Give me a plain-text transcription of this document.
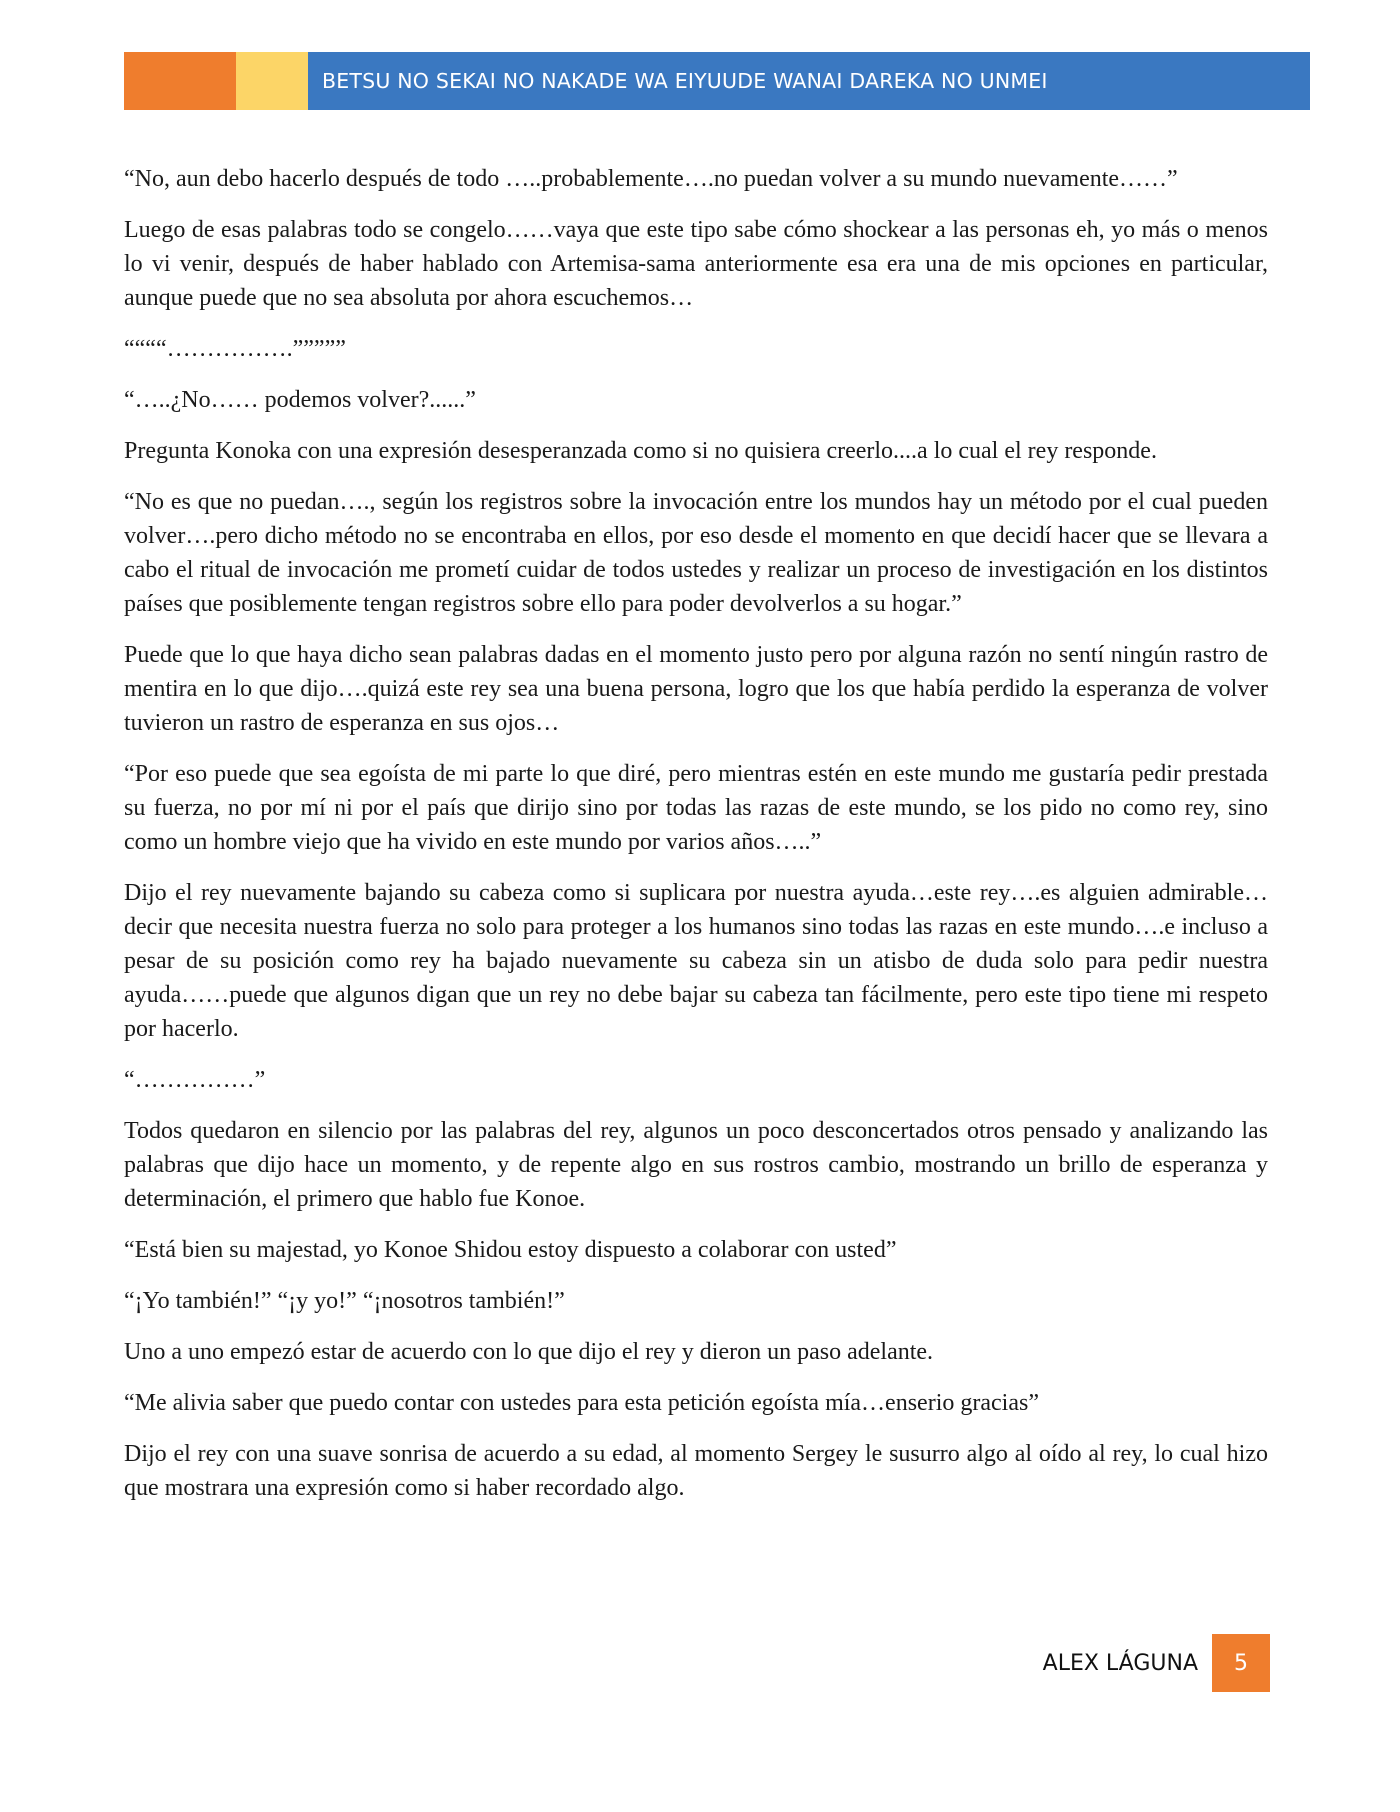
BETSU NO SEKAI NO NAKADE WA EIYUUDE WANAI DAREKA NO UNMEI

“No, aun debo hacerlo después de todo …..probablemente….no puedan volver a su mundo nuevamente……”

Luego de esas palabras todo se congelo……vaya que este tipo sabe cómo shockear a las personas eh, yo más o menos lo vi venir, después de haber hablado con Artemisa-sama anteriormente esa era una de mis opciones en particular, aunque puede que no sea absoluta por ahora escuchemos…

““““…………….”””””

“…..¿No…… podemos volver?......”

Pregunta Konoka con una expresión desesperanzada como si no quisiera creerlo....a lo cual el rey responde.

“No es que no puedan…., según los registros sobre la invocación entre los mundos hay un método por el cual pueden volver….pero dicho método no se encontraba en ellos, por eso desde el momento en que decidí hacer que se llevara a cabo el ritual de invocación me prometí cuidar de todos ustedes y realizar un proceso de investigación en los distintos países que posiblemente tengan registros sobre ello para poder devolverlos a su hogar.”

Puede que lo que haya dicho sean palabras dadas en el momento justo pero por alguna razón no sentí ningún rastro de mentira en lo que dijo….quizá este rey sea una buena persona, logro que los que había perdido la esperanza de volver tuvieron un rastro de esperanza en sus ojos…

“Por eso puede que sea egoísta de mi parte lo que diré, pero mientras estén en este mundo me gustaría pedir prestada su fuerza, no por mí ni por el país que dirijo sino por todas las razas de este mundo, se los pido no como rey, sino como un hombre viejo que ha vivido en este mundo por varios años…..”

Dijo el rey nuevamente bajando su cabeza como si suplicara por nuestra ayuda…este rey….es alguien admirable…decir que necesita nuestra fuerza no solo para proteger a los humanos sino todas las razas en este mundo….e incluso a pesar de su posición como rey ha bajado nuevamente su cabeza sin un atisbo de duda solo para pedir nuestra ayuda……puede que algunos digan que un rey no debe bajar su cabeza tan fácilmente, pero este tipo tiene mi respeto por hacerlo.

“……………”

Todos quedaron en silencio por las palabras del rey, algunos un poco desconcertados otros pensado y analizando las palabras que dijo hace un momento, y de repente algo en sus rostros cambio, mostrando un brillo de esperanza y determinación, el primero que hablo fue Konoe.

“Está bien su majestad, yo Konoe Shidou estoy dispuesto a colaborar con usted”

“¡Yo también!” “¡y yo!” “¡nosotros también!”

Uno a uno empezó estar de acuerdo con lo que dijo el rey y dieron un paso adelante.

“Me alivia saber que puedo contar con ustedes para esta petición egoísta mía…enserio gracias”

Dijo el rey con una suave sonrisa de acuerdo a su edad, al momento Sergey le susurro algo al oído al rey, lo cual hizo que mostrara una expresión como si haber recordado algo.

ALEX LÁGUNA 5
